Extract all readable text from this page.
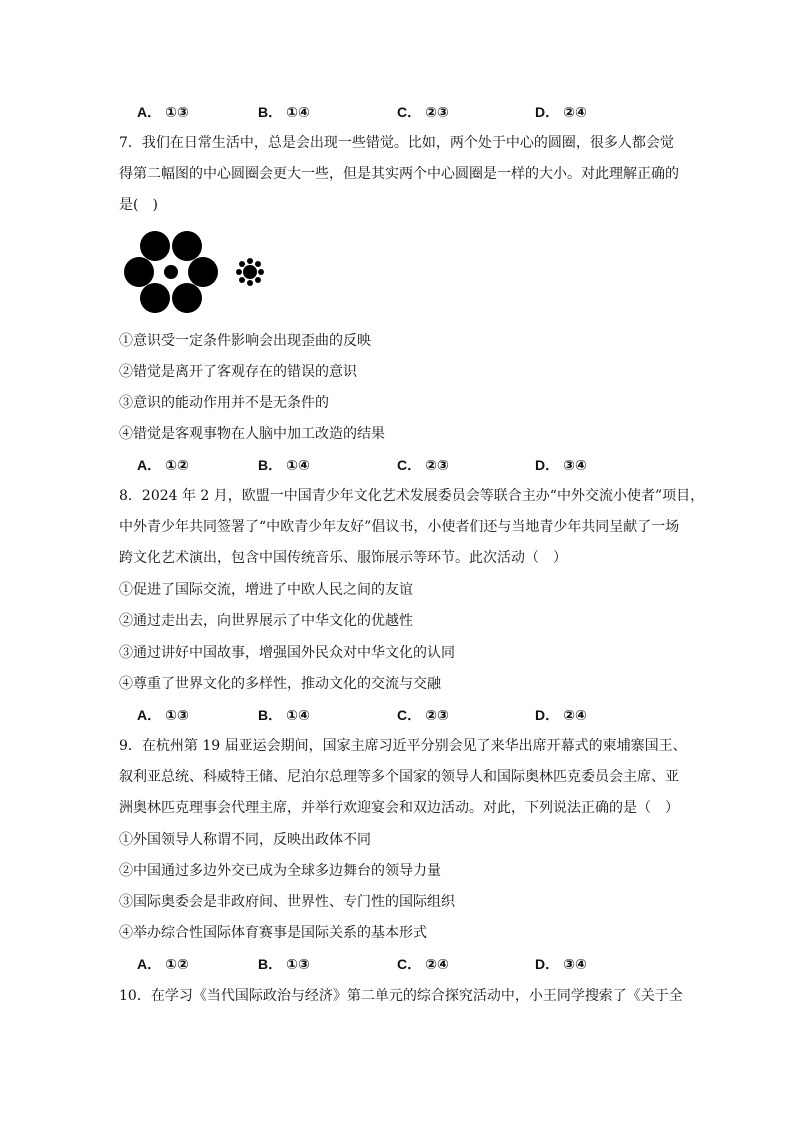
A． ①③	B． ①④	C． ②③	D． ②④
7．我们在日常生活中，总是会出现一些错觉。比如，两个处于中心的圆圈，很多人都会觉
得第二幅图的中心圆圈会更大一些，但是其实两个中心圆圈是一样的大小。对此理解正确的
是(　)
①意识受一定条件影响会出现歪曲的反映
②错觉是离开了客观存在的错误的意识
③意识的能动作用并不是无条件的
④错觉是客观事物在人脑中加工改造的结果
A． ①②	B． ①④	C． ②③	D． ③④
8．2024 年 2 月，欧盟一中国青少年文化艺术发展委员会等联合主办“中外交流小使者”项目，
中外青少年共同签署了“中欧青少年友好”倡议书，小使者们还与当地青少年共同呈献了一场
跨文化艺术演出，包含中国传统音乐、服饰展示等环节。此次活动（　）
①促进了国际交流，增进了中欧人民之间的友谊
②通过走出去，向世界展示了中华文化的优越性
③通过讲好中国故事，增强国外民众对中华文化的认同
④尊重了世界文化的多样性，推动文化的交流与交融
A． ①③	B． ①④	C． ②③	D． ②④
9．在杭州第 19 届亚运会期间，国家主席习近平分别会见了来华出席开幕式的柬埔寨国王、
叙利亚总统、科威特王储、尼泊尔总理等多个国家的领导人和国际奥林匹克委员会主席、亚
洲奥林匹克理事会代理主席，并举行欢迎宴会和双边活动。对此，下列说法正确的是（　）
①外国领导人称谓不同，反映出政体不同
②中国通过多边外交已成为全球多边舞台的领导力量
③国际奥委会是非政府间、世界性、专门性的国际组织
④举办综合性国际体育赛事是国际关系的基本形式
A． ①②	B． ①③	C． ②④	D． ③④
10．在学习《当代国际政治与经济》第二单元的综合探究活动中，小王同学搜索了《关于全
